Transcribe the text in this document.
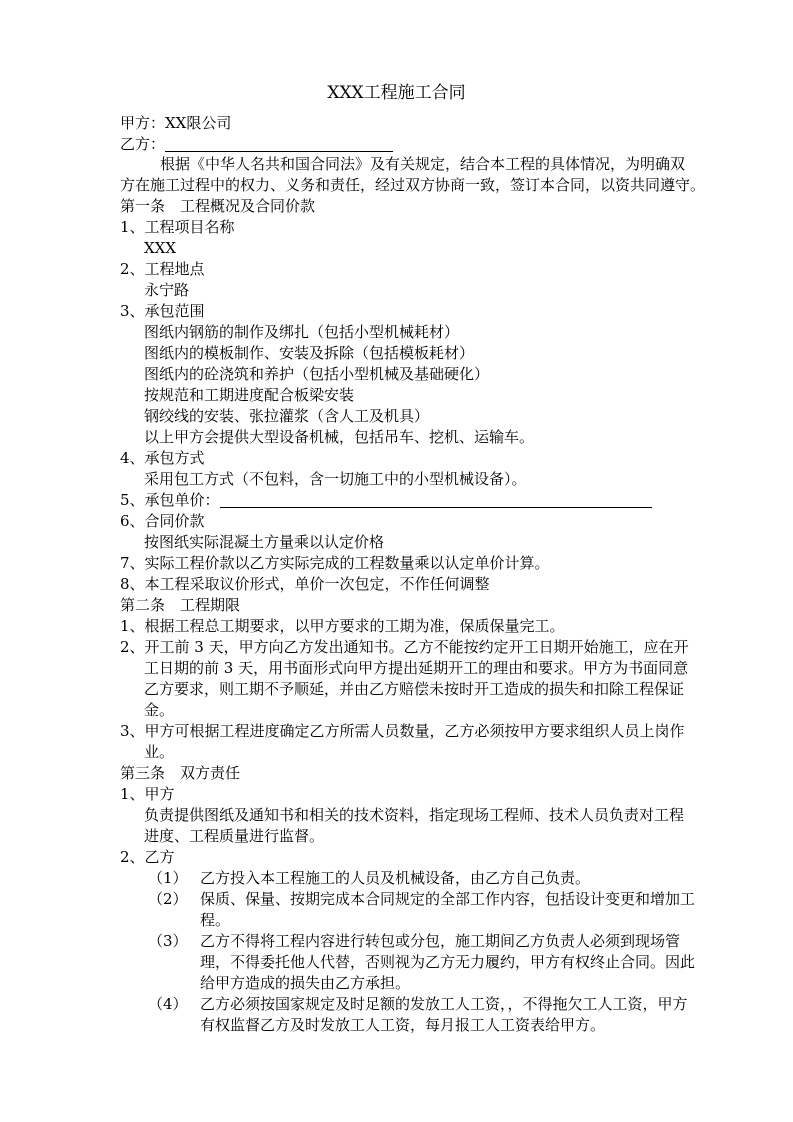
XXX工程施工合同
甲方：XX限公司
乙方：
根据《中华人名共和国合同法》及有关规定，结合本工程的具体情况，为明确双
方在施工过程中的权力、义务和责任，经过双方协商一致，签订本合同，以资共同遵守。
第一条　工程概况及合同价款
1、工程项目名称
XXX
2、工程地点
永宁路
3、承包范围
图纸内钢筋的制作及绑扎（包括小型机械耗材）
图纸内的模板制作、安装及拆除（包括模板耗材）
图纸内的砼浇筑和养护（包括小型机械及基础硬化）
按规范和工期进度配合板梁安装
钢绞线的安装、张拉灌浆（含人工及机具）
以上甲方会提供大型设备机械，包括吊车、挖机、运输车。
4、承包方式
采用包工方式（不包料，含一切施工中的小型机械设备）。
5、承包单价：
6、合同价款
按图纸实际混凝土方量乘以认定价格
7、实际工程价款以乙方实际完成的工程数量乘以认定单价计算。
8、本工程采取议价形式，单价一次包定，不作任何调整
第二条　工程期限
1、根据工程总工期要求，以甲方要求的工期为准，保质保量完工。
2、开工前 3 天，甲方向乙方发出通知书。乙方不能按约定开工日期开始施工，应在开
工日期的前 3 天，用书面形式向甲方提出延期开工的理由和要求。甲方为书面同意
乙方要求，则工期不予顺延，并由乙方赔偿未按时开工造成的损失和扣除工程保证
金。
3、甲方可根据工程进度确定乙方所需人员数量，乙方必须按甲方要求组织人员上岗作
业。
第三条　双方责任
1、甲方
负责提供图纸及通知书和相关的技术资料，指定现场工程师、技术人员负责对工程
进度、工程质量进行监督。
2、乙方
（1） 乙方投入本工程施工的人员及机械设备，由乙方自己负责。
（2） 保质、保量、按期完成本合同规定的全部工作内容，包括设计变更和增加工
程。
（3） 乙方不得将工程内容进行转包或分包，施工期间乙方负责人必须到现场管
理，不得委托他人代替，否则视为乙方无力履约，甲方有权终止合同。因此
给甲方造成的损失由乙方承担。
（4） 乙方必须按国家规定及时足额的发放工人工资，，不得拖欠工人工资，甲方
有权监督乙方及时发放工人工资，每月报工人工资表给甲方。
